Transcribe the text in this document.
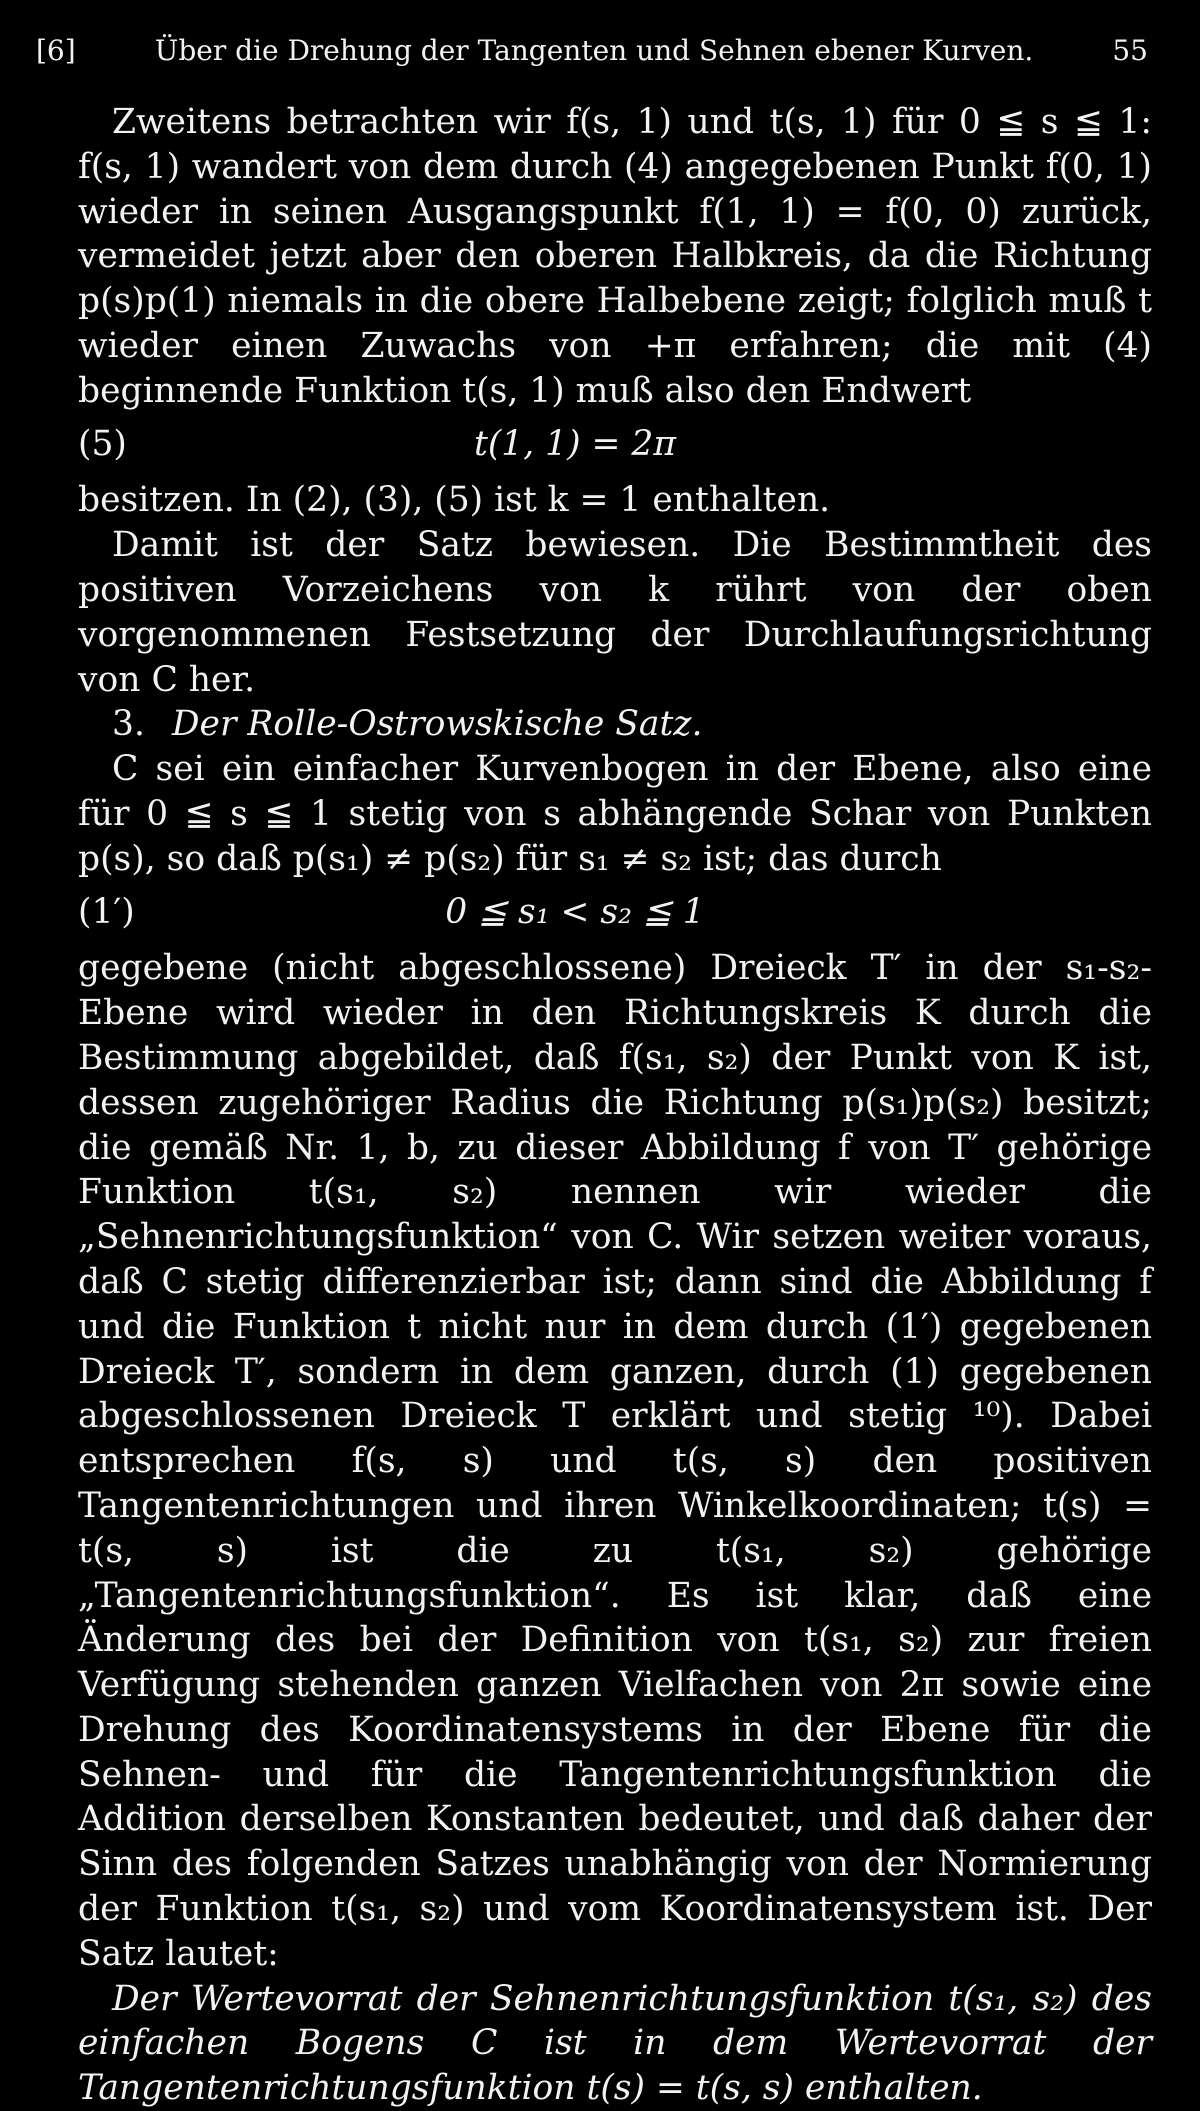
[6]	Über die Drehung der Tangenten und Sehnen ebener Kurven.	55

Zweitens betrachten wir f(s, 1) und t(s, 1) für 0 ≦ s ≦ 1: f(s, 1) wandert von dem durch (4) angegebenen Punkt f(0, 1) wieder in seinen Ausgangspunkt f(1, 1) = f(0, 0) zurück, vermeidet jetzt aber den oberen Halbkreis, da die Richtung p(s)p(1) niemals in die obere Halbebene zeigt; folglich muß t wieder einen Zuwachs von +π erfahren; die mit (4) beginnende Funktion t(s, 1) muß also den Endwert

(5)	t(1, 1) = 2π

besitzen. In (2), (3), (5) ist k = 1 enthalten.

Damit ist der Satz bewiesen. Die Bestimmtheit des positiven Vorzeichens von k rührt von der oben vorgenommenen Festsetzung der Durchlaufungsrichtung von C her.

3. Der Rolle-Ostrowskische Satz.

C sei ein einfacher Kurvenbogen in der Ebene, also eine für 0 ≦ s ≦ 1 stetig von s abhängende Schar von Punkten p(s), so daß p(s₁) ≠ p(s₂) für s₁ ≠ s₂ ist; das durch

(1′)	0 ≦ s₁ < s₂ ≦ 1

gegebene (nicht abgeschlossene) Dreieck T′ in der s₁-s₂-Ebene wird wieder in den Richtungskreis K durch die Bestimmung abgebildet, daß f(s₁, s₂) der Punkt von K ist, dessen zugehöriger Radius die Richtung p(s₁)p(s₂) besitzt; die gemäß Nr. 1, b, zu dieser Abbildung f von T′ gehörige Funktion t(s₁, s₂) nennen wir wieder die „Sehnenrichtungsfunktion“ von C. Wir setzen weiter voraus, daß C stetig differenzierbar ist; dann sind die Abbildung f und die Funktion t nicht nur in dem durch (1′) gegebenen Dreieck T′, sondern in dem ganzen, durch (1) gegebenen abgeschlossenen Dreieck T erklärt und stetig ¹⁰). Dabei entsprechen f(s, s) und t(s, s) den positiven Tangentenrichtungen und ihren Winkelkoordinaten; t(s) = t(s, s) ist die zu t(s₁, s₂) gehörige „Tangentenrichtungsfunktion“. Es ist klar, daß eine Änderung des bei der Definition von t(s₁, s₂) zur freien Verfügung stehenden ganzen Vielfachen von 2π sowie eine Drehung des Koordinatensystems in der Ebene für die Sehnen- und für die Tangentenrichtungsfunktion die Addition derselben Konstanten bedeutet, und daß daher der Sinn des folgenden Satzes unabhängig von der Normierung der Funktion t(s₁, s₂) und vom Koordinatensystem ist. Der Satz lautet:

Der Wertevorrat der Sehnenrichtungsfunktion t(s₁, s₂) des einfachen Bogens C ist in dem Wertevorrat der Tangentenrichtungsfunktion t(s) = t(s, s) enthalten.
